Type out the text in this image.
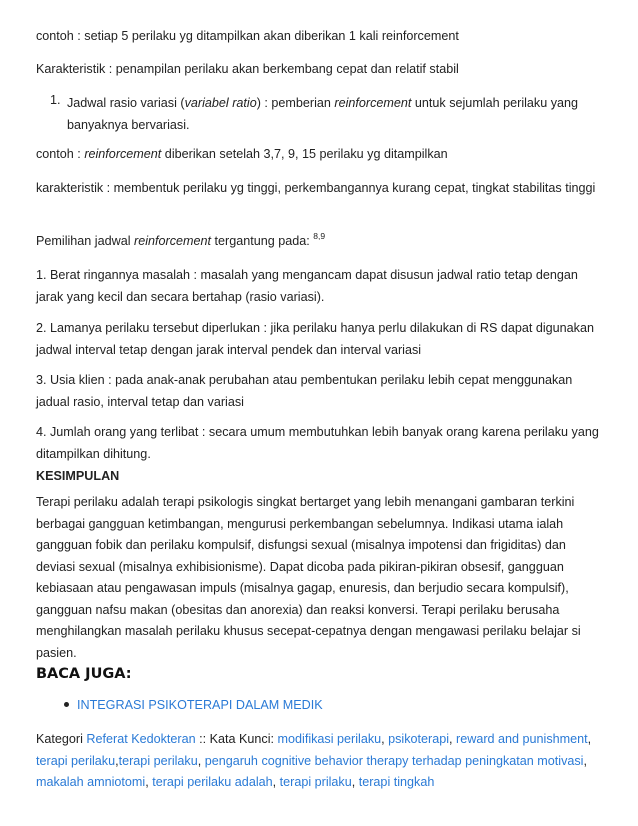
contoh : setiap 5 perilaku yg ditampilkan akan diberikan 1 kali reinforcement

Karakteristik : penampilan perilaku akan berkembang cepat dan relatif stabil

1. Jadwal rasio variasi (variabel ratio) : pemberian reinforcement untuk sejumlah perilaku yang banyaknya bervariasi.

contoh : reinforcement diberikan setelah 3,7, 9, 15 perilaku yg ditampilkan

karakteristik : membentuk perilaku yg tinggi, perkembangannya kurang cepat, tingkat stabilitas tinggi

Pemilihan jadwal reinforcement tergantung pada: $^{8,9}$

1. Berat ringannya masalah : masalah yang mengancam dapat disusun jadwal ratio tetap dengan jarak yang kecil dan secara bertahap (rasio variasi).

2. Lamanya perilaku tersebut diperlukan : jika perilaku hanya perlu dilakukan di RS dapat digunakan jadwal interval tetap dengan jarak interval pendek dan interval variasi

3. Usia klien : pada anak-anak perubahan atau pembentukan perilaku lebih cepat menggunakan jadual rasio, interval tetap dan variasi

4. Jumlah orang yang terlibat : secara umum membutuhkan lebih banyak orang karena perilaku yang ditampilkan dihitung.

KESIMPULAN

Terapi perilaku adalah terapi psikologis singkat bertarget yang lebih menangani gambaran terkini berbagai gangguan ketimbangan, mengurusi perkembangan sebelumnya. Indikasi utama ialah gangguan fobik dan perilaku kompulsif, disfungsi sexual (misalnya impotensi dan frigiditas) dan deviasi sexual (misalnya exhibisionisme). Dapat dicoba pada pikiran-pikiran obsesif, gangguan kebiasaan atau pengawasan impuls (misalnya gagap, enuresis, dan berjudio secara kompulsif), gangguan nafsu makan (obesitas dan anorexia) dan reaksi konversi. Terapi perilaku berusaha menghilangkan masalah perilaku khusus secepat-cepatnya dengan mengawasi perilaku belajar si pasien.

BACA JUGA:

INTEGRASI PSIKOTERAPI DALAM MEDIK

Kategori Referat Kedokteran :: Kata Kunci: modifikasi perilaku, psikoterapi, reward and punishment, terapi perilaku,terapi perilaku, pengaruh cognitive behavior therapy terhadap peningkatan motivasi, makalah amniotomi, terapi perilaku adalah, terapi prilaku, terapi tingkah
